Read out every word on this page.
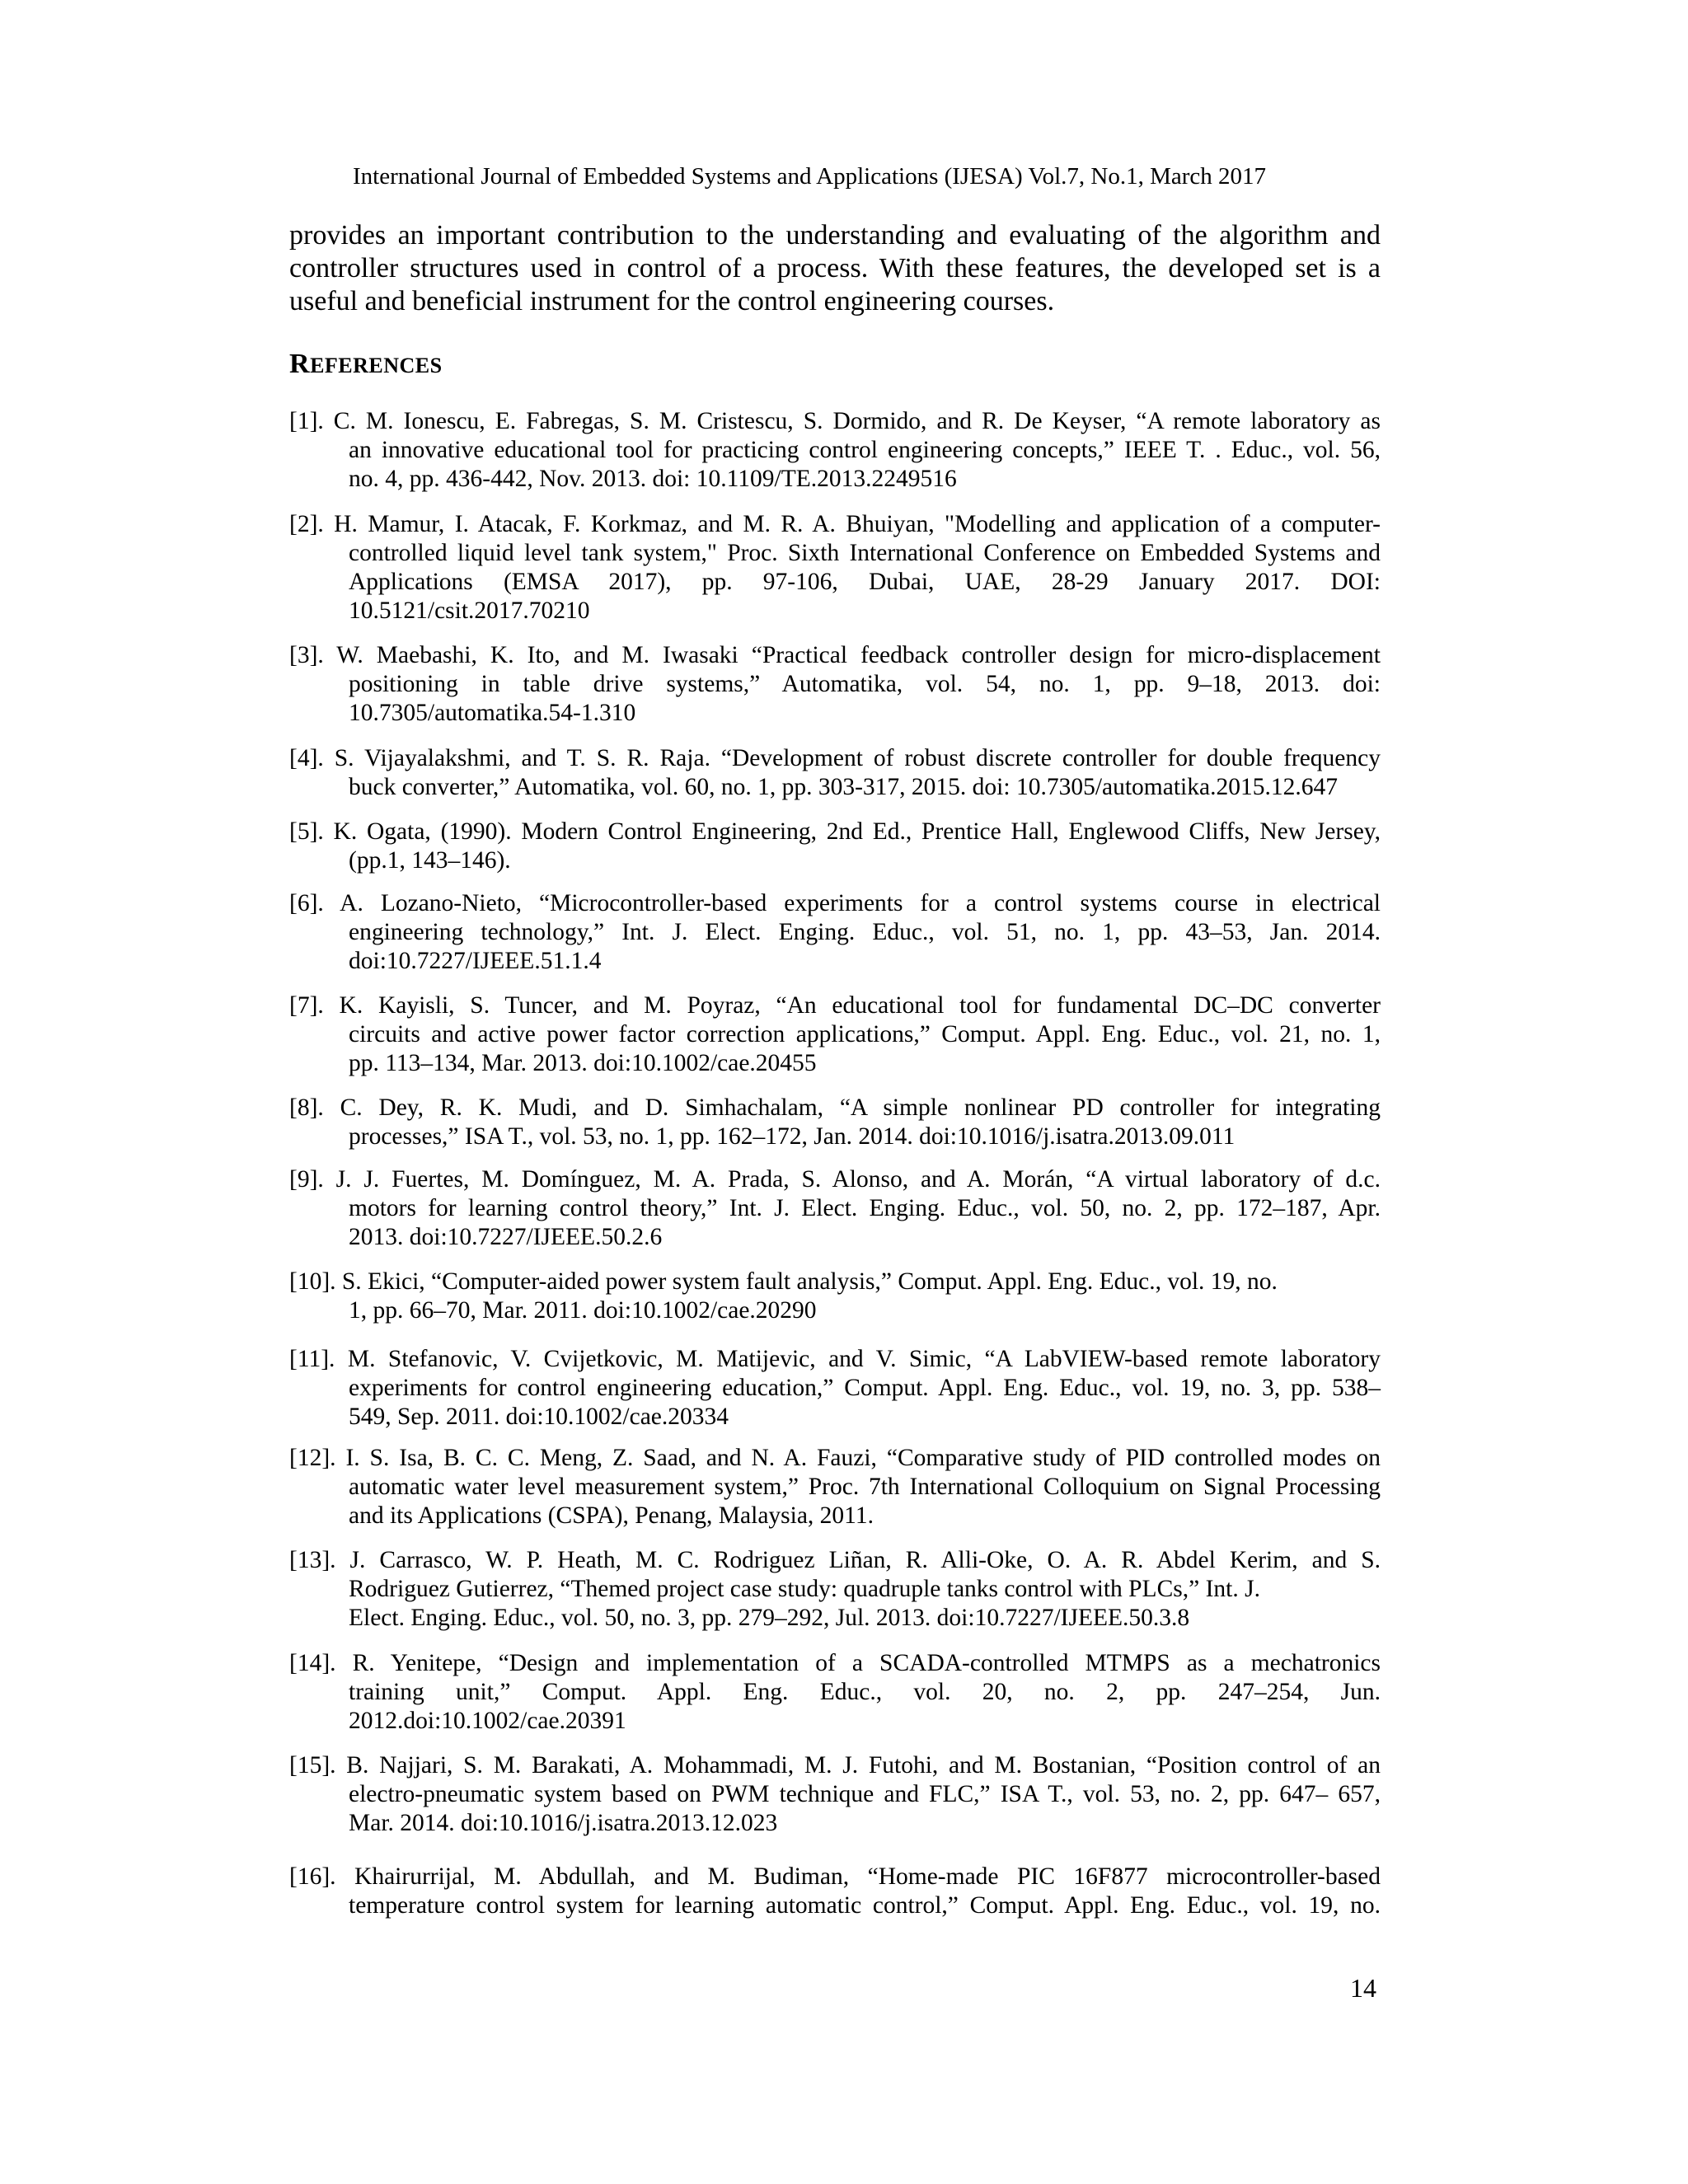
International Journal of Embedded Systems and Applications (IJESA) Vol.7, No.1, March 2017
provides an important contribution to the understanding and evaluating of the algorithm and
controller structures used in control of a process. With these features, the developed set is a
useful and beneficial instrument for the control engineering courses.
REFERENCES
[1]. C. M. Ionescu, E. Fabregas, S. M. Cristescu, S. Dormido, and R. De Keyser, “A remote laboratory as
an innovative educational tool for practicing control engineering concepts,” IEEE T. . Educ., vol. 56,
no. 4, pp. 436-442, Nov. 2013. doi: 10.1109/TE.2013.2249516
[2]. H. Mamur, I. Atacak, F. Korkmaz, and M. R. A. Bhuiyan, "Modelling and application of a computer-
controlled liquid level tank system," Proc. Sixth International Conference on Embedded Systems and
Applications (EMSA 2017), pp. 97-106, Dubai, UAE, 28-29 January 2017. DOI:
10.5121/csit.2017.70210
[3]. W. Maebashi, K. Ito, and M. Iwasaki “Practical feedback controller design for micro-displacement
positioning in table drive systems,” Automatika, vol. 54, no. 1, pp. 9–18, 2013. doi:
10.7305/automatika.54-1.310
[4]. S. Vijayalakshmi, and T. S. R. Raja. “Development of robust discrete controller for double frequency
buck converter,” Automatika, vol. 60, no. 1, pp. 303-317, 2015. doi: 10.7305/automatika.2015.12.647
[5]. K. Ogata, (1990). Modern Control Engineering, 2nd Ed., Prentice Hall, Englewood Cliffs, New Jersey,
(pp.1, 143–146).
[6]. A. Lozano-Nieto, “Microcontroller-based experiments for a control systems course in electrical
engineering technology,” Int. J. Elect. Enging. Educ., vol. 51, no. 1, pp. 43–53, Jan. 2014.
doi:10.7227/IJEEE.51.1.4
[7]. K. Kayisli, S. Tuncer, and M. Poyraz, “An educational tool for fundamental DC–DC converter
circuits and active power factor correction applications,” Comput. Appl. Eng. Educ., vol. 21, no. 1,
pp. 113–134, Mar. 2013. doi:10.1002/cae.20455
[8]. C. Dey, R. K. Mudi, and D. Simhachalam, “A simple nonlinear PD controller for integrating
processes,” ISA T., vol. 53, no. 1, pp. 162–172, Jan. 2014. doi:10.1016/j.isatra.2013.09.011
[9]. J. J. Fuertes, M. Domínguez, M. A. Prada, S. Alonso, and A. Morán, “A virtual laboratory of d.c.
motors for learning control theory,” Int. J. Elect. Enging. Educ., vol. 50, no. 2, pp. 172–187, Apr.
2013. doi:10.7227/IJEEE.50.2.6
[10]. S. Ekici, “Computer-aided power system fault analysis,” Comput. Appl. Eng. Educ., vol. 19, no.
1, pp. 66–70, Mar. 2011. doi:10.1002/cae.20290
[11]. M. Stefanovic, V. Cvijetkovic, M. Matijevic, and V. Simic, “A LabVIEW-based remote laboratory
experiments for control engineering education,” Comput. Appl. Eng. Educ., vol. 19, no. 3, pp. 538–
549, Sep. 2011. doi:10.1002/cae.20334
[12]. I. S. Isa, B. C. C. Meng, Z. Saad, and N. A. Fauzi, “Comparative study of PID controlled modes on
automatic water level measurement system,” Proc. 7th International Colloquium on Signal Processing
and its Applications (CSPA), Penang, Malaysia, 2011.
[13]. J. Carrasco, W. P. Heath, M. C. Rodriguez Liñan, R. Alli-Oke, O. A. R. Abdel Kerim, and S.
Rodriguez Gutierrez, “Themed project case study: quadruple tanks control with PLCs,” Int. J.
Elect. Enging. Educ., vol. 50, no. 3, pp. 279–292, Jul. 2013. doi:10.7227/IJEEE.50.3.8
[14]. R. Yenitepe, “Design and implementation of a SCADA-controlled MTMPS as a mechatronics
training unit,” Comput. Appl. Eng. Educ., vol. 20, no. 2, pp. 247–254, Jun.
2012.doi:10.1002/cae.20391
[15]. B. Najjari, S. M. Barakati, A. Mohammadi, M. J. Futohi, and M. Bostanian, “Position control of an
electro-pneumatic system based on PWM technique and FLC,” ISA T., vol. 53, no. 2, pp. 647– 657,
Mar. 2014. doi:10.1016/j.isatra.2013.12.023
[16]. Khairurrijal, M. Abdullah, and M. Budiman, “Home-made PIC 16F877 microcontroller-based
temperature control system for learning automatic control,” Comput. Appl. Eng. Educ., vol. 19, no.
14
